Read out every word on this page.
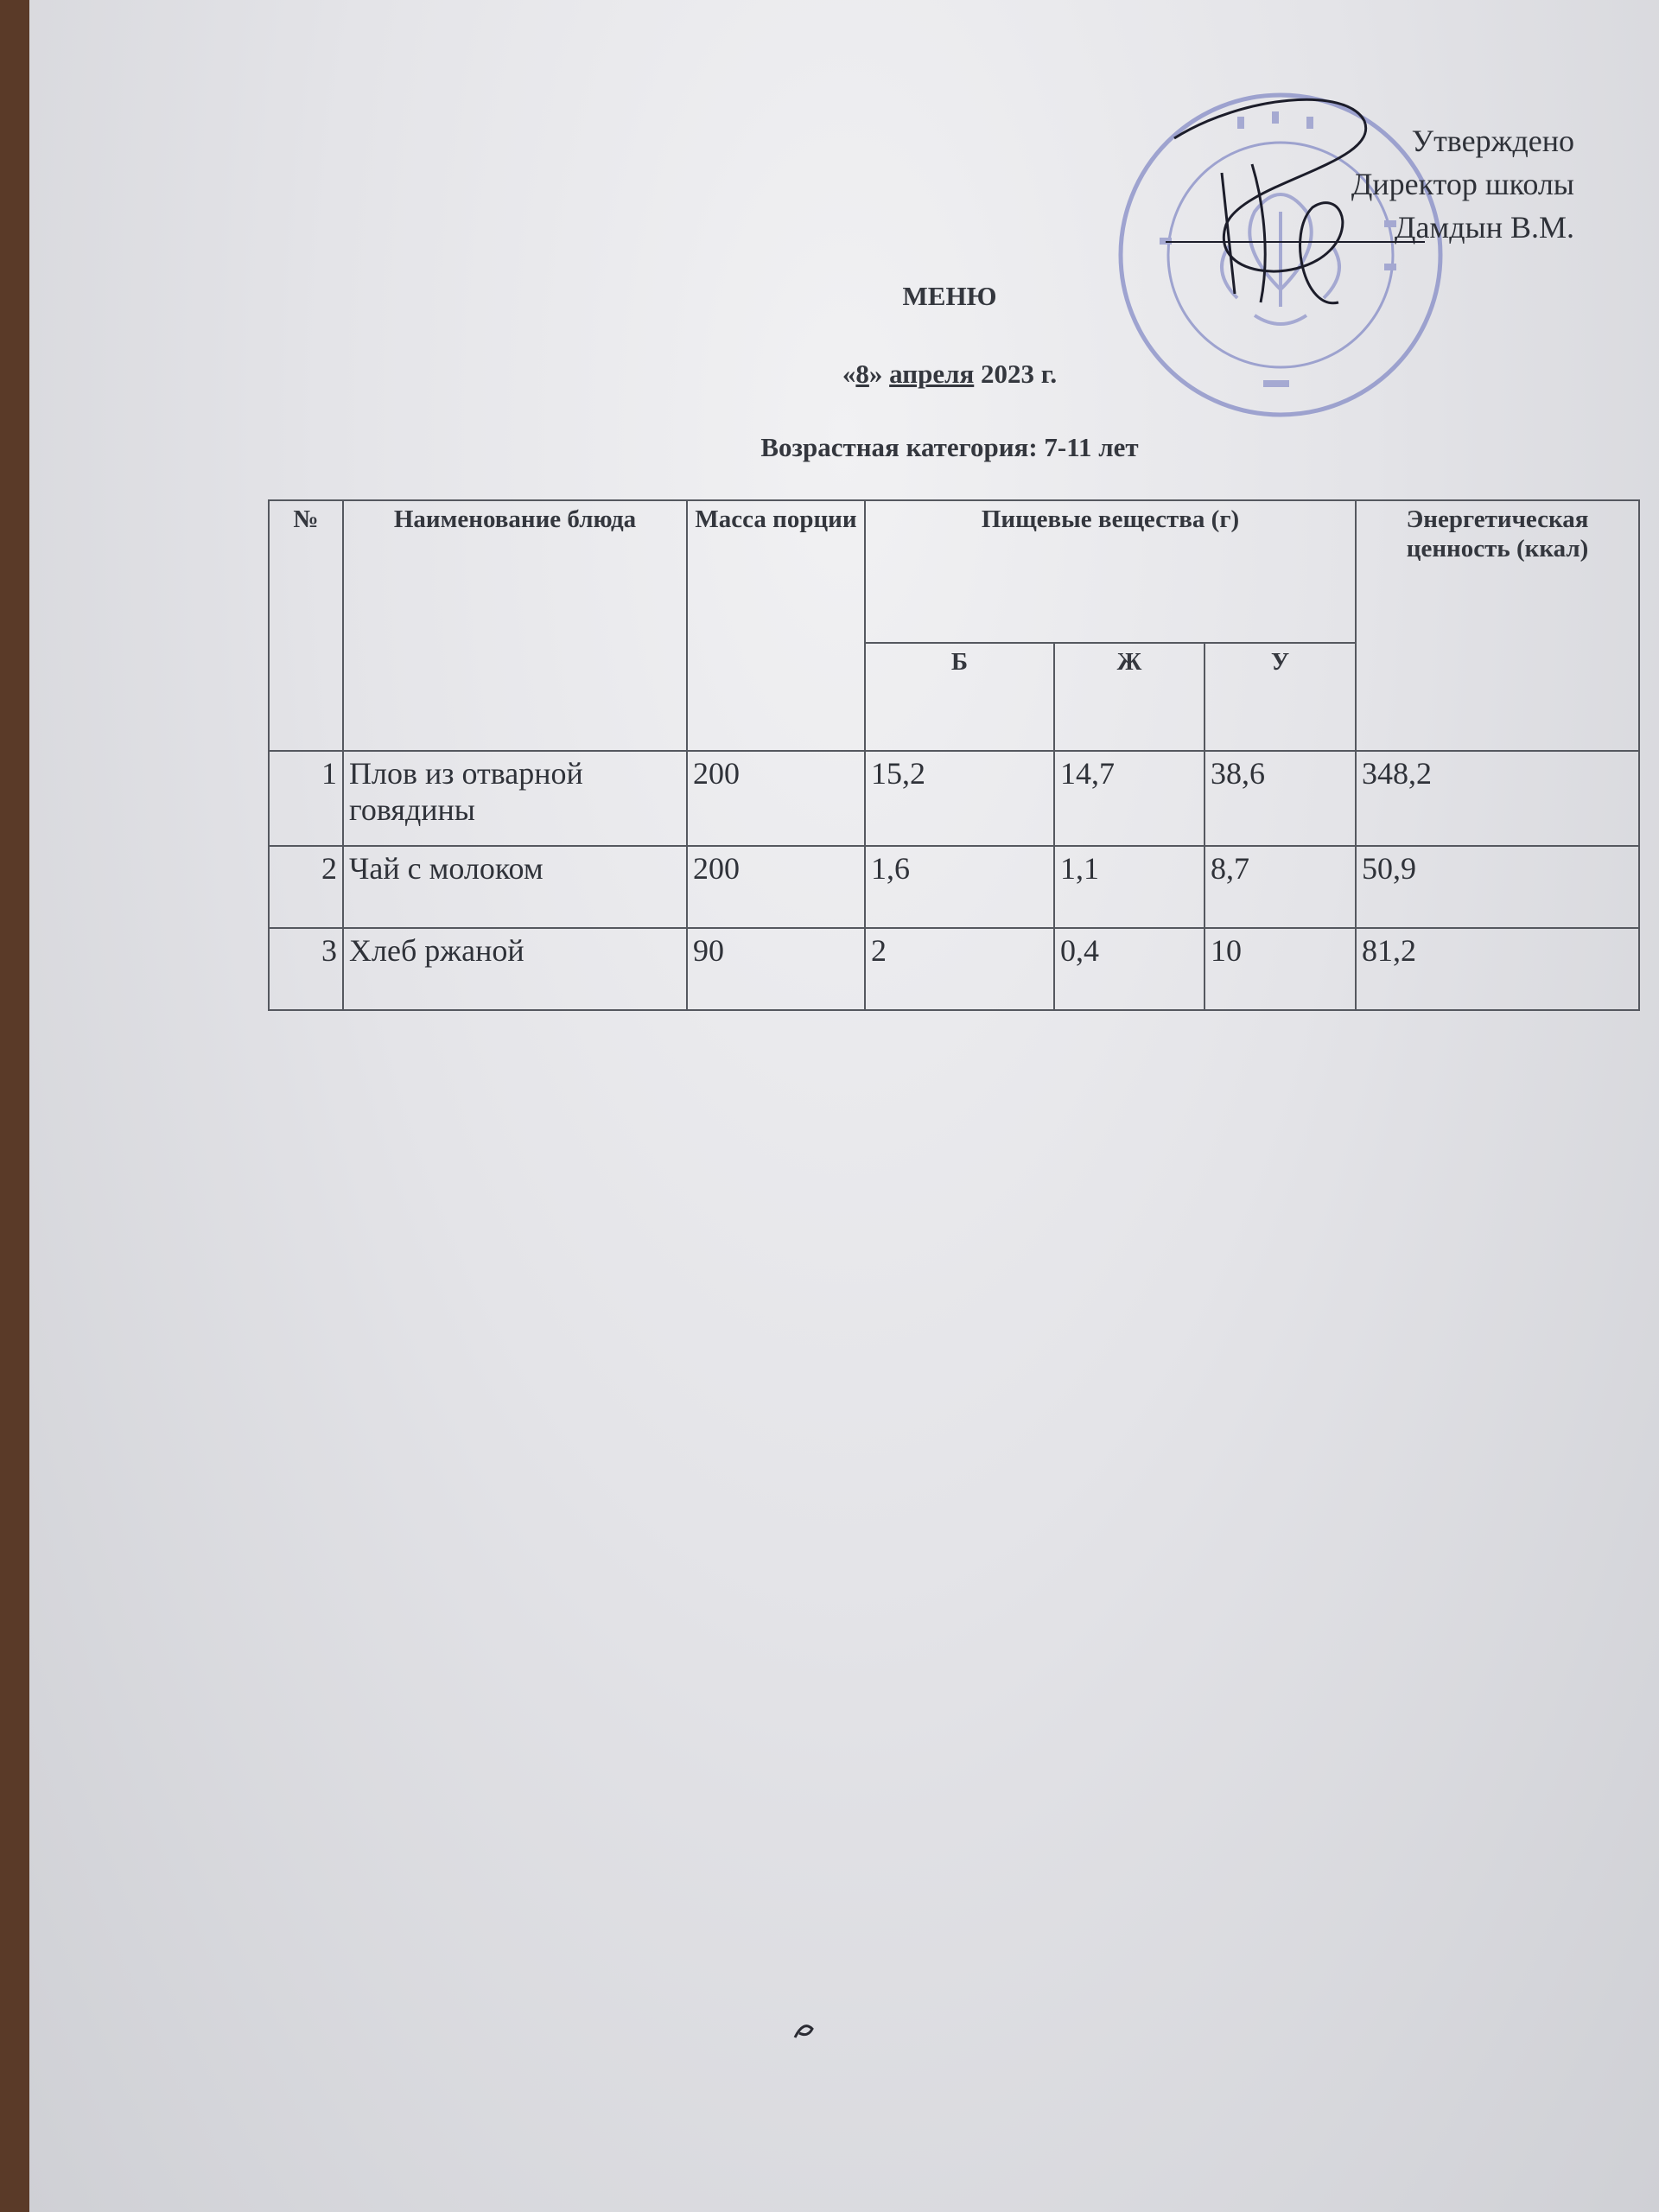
Утверждено
Директор школы
Дамдын В.М.
МЕНЮ
«8» апреля 2023 г.
Возрастная категория: 7-11 лет
№	Наименование блюда	Масса порции	Пищевые вещества (г)			Энергетическая ценность (ккал)
			Б	Ж	У	
1	Плов из отварной говядины	200	15,2	14,7	38,6	348,2
2	Чай с молоком	200	1,6	1,1	8,7	50,9
3	Хлеб ржаной	90	2	0,4	10	81,2
